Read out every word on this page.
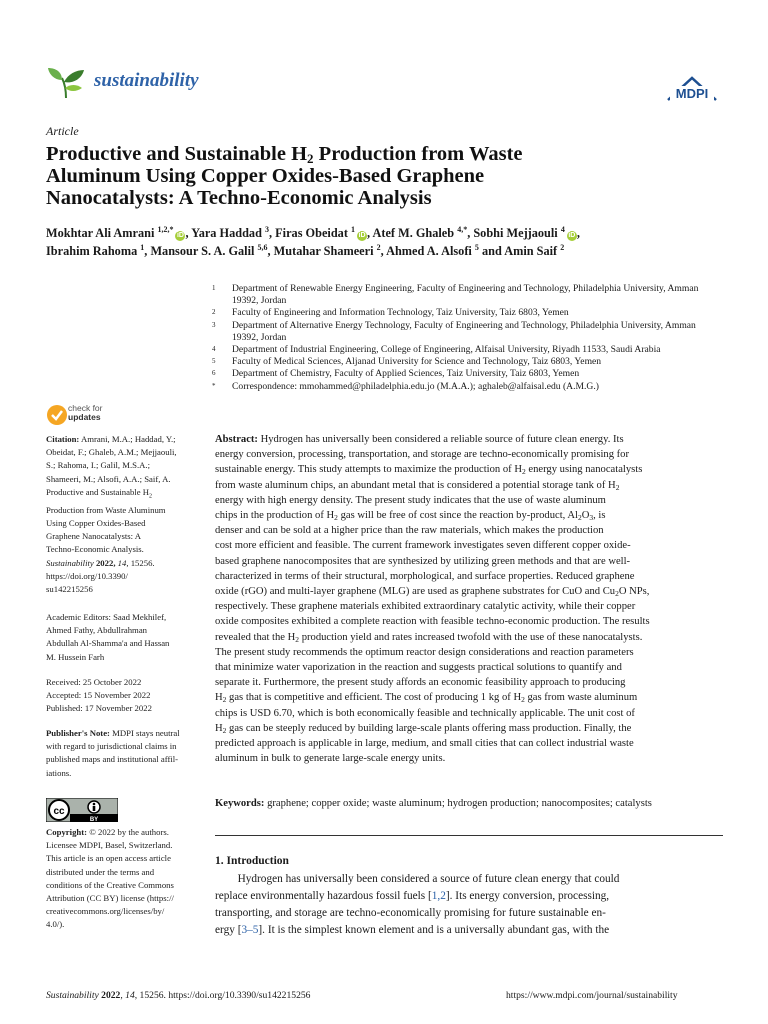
sustainability
MDPI
Article
Productive and Sustainable $H_2$ Production from Waste
Aluminum Using Copper Oxides-Based Graphene
Nanocatalysts: A Techno-Economic Analysis
Mokhtar Ali Amrani $^{1,2,*}$iD , Yara Haddad $^3$, Firas Obeidat $^1$iD , Atef M. Ghaleb $^{4,*}$, Sobhi Mejjaouli $^4$iD ,
Ibrahim Rahoma $^1$, Mansour S. A. Galil $^{5,6}$, Mutahar Shameeri $^2$, Ahmed A. Alsofi $^5$ and Amin Saif $^2$
1	Department of Renewable Energy Engineering, Faculty of Engineering and Technology, Philadelphia University, Amman 19392, Jordan
2	Faculty of Engineering and Information Technology, Taiz University, Taiz 6803, Yemen
3	Department of Alternative Energy Technology, Faculty of Engineering and Technology, Philadelphia University, Amman 19392, Jordan
4	Department of Industrial Engineering, College of Engineering, Alfaisal University, Riyadh 11533, Saudi Arabia
5	Faculty of Medical Sciences, Aljanad University for Science and Technology, Taiz 6803, Yemen
6	Department of Chemistry, Faculty of Applied Sciences, Taiz University, Taiz 6803, Yemen
*	Correspondence: mmohammed@philadelphia.edu.jo (M.A.A.); aghaleb@alfaisal.edu (A.M.G.)
check for
updates
Citation: Amrani, M.A.; Haddad, Y.;
Obeidat, F.; Ghaleb, A.M.; Mejjaouli,
S.; Rahoma, I.; Galil, M.S.A.;
Shameeri, M.; Alsofi, A.A.; Saif, A.
Productive and Sustainable $H_2$
Production from Waste Aluminum
Using Copper Oxides-Based
Graphene Nanocatalysts: A
Techno-Economic Analysis.
Sustainability 2022, 14, 15256.
https://doi.org/10.3390/
su142215256
Academic Editors: Saad Mekhilef,
Ahmed Fathy, Abdullrahman
Abdullah Al-Shamma'a and Hassan
M. Hussein Farh
Received: 25 October 2022
Accepted: 15 November 2022
Published: 17 November 2022
Publisher's Note: MDPI stays neutral
with regard to jurisdictional claims in
published maps and institutional affil-
iations.
cc
BY
Copyright: © 2022 by the authors.
Licensee MDPI, Basel, Switzerland.
This article is an open access article
distributed under the terms and
conditions of the Creative Commons
Attribution (CC BY) license (https://
creativecommons.org/licenses/by/
4.0/).
Abstract: Hydrogen has universally been considered a reliable source of future clean energy. Its
energy conversion, processing, transportation, and storage are techno-economically promising for
sustainable energy. This study attempts to maximize the production of $H_2$ energy using nanocatalysts
from waste aluminum chips, an abundant metal that is considered a potential storage tank of $H_2$
energy with high energy density. The present study indicates that the use of waste aluminum
chips in the production of $H_2$ gas will be free of cost since the reaction by-product, $Al_2O_3$, is
denser and can be sold at a higher price than the raw materials, which makes the production
cost more efficient and feasible. The current framework investigates seven different copper oxide-
based graphene nanocomposites that are synthesized by utilizing green methods and that are well-
characterized in terms of their structural, morphological, and surface properties. Reduced graphene
oxide (rGO) and multi-layer graphene (MLG) are used as graphene substrates for CuO and $Cu_2O$ NPs,
respectively. These graphene materials exhibited extraordinary catalytic activity, while their copper
oxide composites exhibited a complete reaction with feasible techno-economic production. The results
revealed that the $H_2$ production yield and rates increased twofold with the use of these nanocatalysts.
The present study recommends the optimum reactor design considerations and reaction parameters
that minimize water vaporization in the reaction and suggests practical solutions to quantify and
separate it. Furthermore, the present study affords an economic feasibility approach to producing
$H_2$ gas that is competitive and efficient. The cost of producing 1 kg of $H_2$ gas from waste aluminum
chips is USD 6.70, which is both economically feasible and technically applicable. The unit cost of
$H_2$ gas can be steeply reduced by building large-scale plants offering mass production. Finally, the
predicted approach is applicable in large, medium, and small cities that can collect industrial waste
aluminum in bulk to generate large-scale energy units.
Keywords: graphene; copper oxide; waste aluminum; hydrogen production; nanocomposites; catalysts
1. Introduction
Hydrogen has universally been considered a source of future clean energy that could
replace environmentally hazardous fossil fuels [1,2]. Its energy conversion, processing,
transporting, and storage are techno-economically promising for future sustainable en-
ergy [3–5]. It is the simplest known element and is a universally abundant gas, with the
Sustainability 2022, 14, 15256. https://doi.org/10.3390/su142215256	https://www.mdpi.com/journal/sustainability
